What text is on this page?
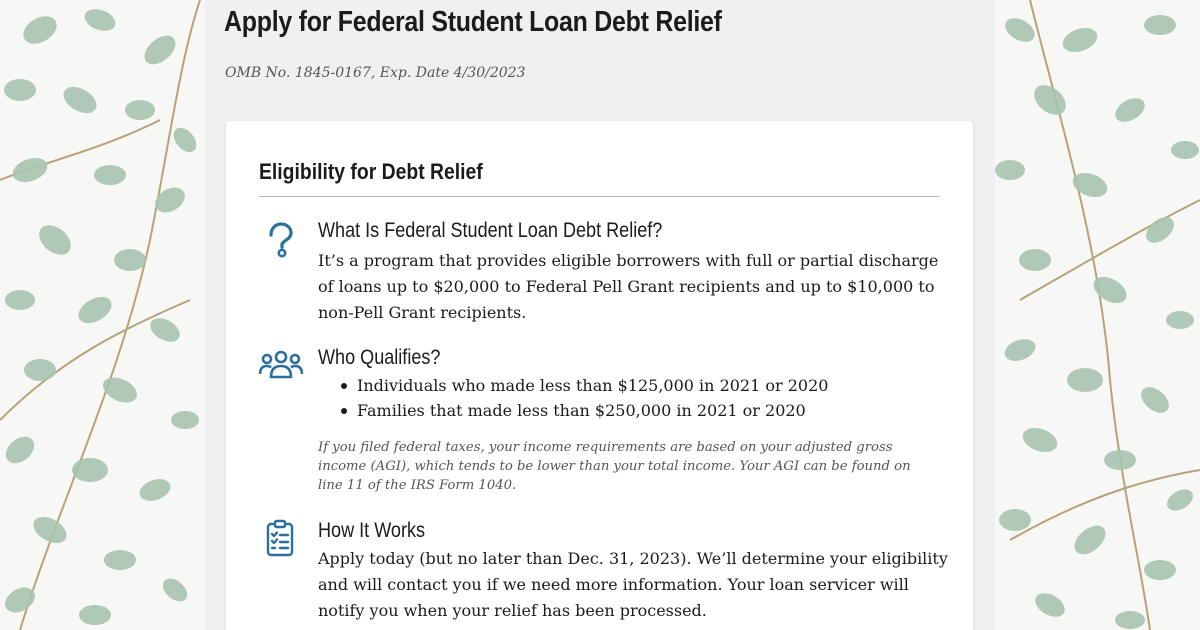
Apply for Federal Student Loan Debt Relief
OMB No. 1845-0167, Exp. Date 4/30/2023
Eligibility for Debt Relief
What Is Federal Student Loan Debt Relief?
It’s a program that provides eligible borrowers with full or partial discharge
of loans up to $20,000 to Federal Pell Grant recipients and up to $10,000 to
non-Pell Grant recipients.
Who Qualifies?
Individuals who made less than $125,000 in 2021 or 2020
Families that made less than $250,000 in 2021 or 2020
If you filed federal taxes, your income requirements are based on your adjusted gross
income (AGI), which tends to be lower than your total income. Your AGI can be found on
line 11 of the IRS Form 1040.
How It Works
Apply today (but no later than Dec. 31, 2023). We’ll determine your eligibility
and will contact you if we need more information. Your loan servicer will
notify you when your relief has been processed.
